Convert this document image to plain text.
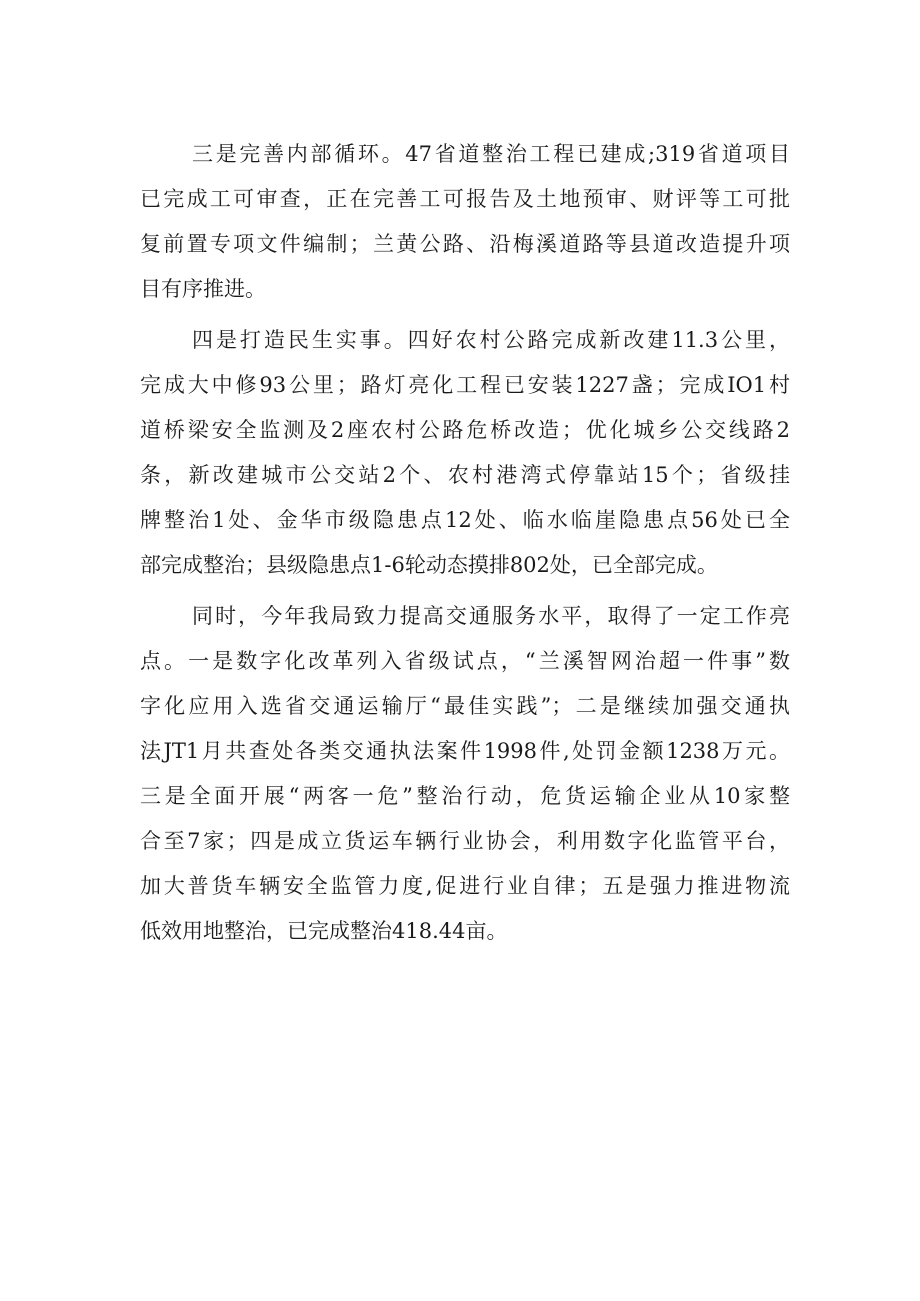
三是完善内部循环。47省道整治工程已建成;319省道项目
已完成工可审查，正在完善工可报告及土地预审、财评等工可批
复前置专项文件编制；兰黄公路、沿梅溪道路等县道改造提升项
目有序推进。
四是打造民生实事。四好农村公路完成新改建11.3公里，
完成大中修93公里；路灯亮化工程已安装1227盏；完成IO1村
道桥梁安全监测及2座农村公路危桥改造；优化城乡公交线路2
条，新改建城市公交站2个、农村港湾式停靠站15个；省级挂
牌整治1处、金华市级隐患点12处、临水临崖隐患点56处已全
部完成整治；县级隐患点1-6轮动态摸排802处，已全部完成。
同时，今年我局致力提高交通服务水平，取得了一定工作亮
点。一是数字化改革列入省级试点，“兰溪智网治超一件事”数
字化应用入选省交通运输厅“最佳实践”；二是继续加强交通执
法JT1月共查处各类交通执法案件1998件,处罚金额1238万元。
三是全面开展“两客一危”整治行动，危货运输企业从10家整
合至7家；四是成立货运车辆行业协会，利用数字化监管平台，
加大普货车辆安全监管力度,促进行业自律；五是强力推进物流
低效用地整治，已完成整治418.44亩。
